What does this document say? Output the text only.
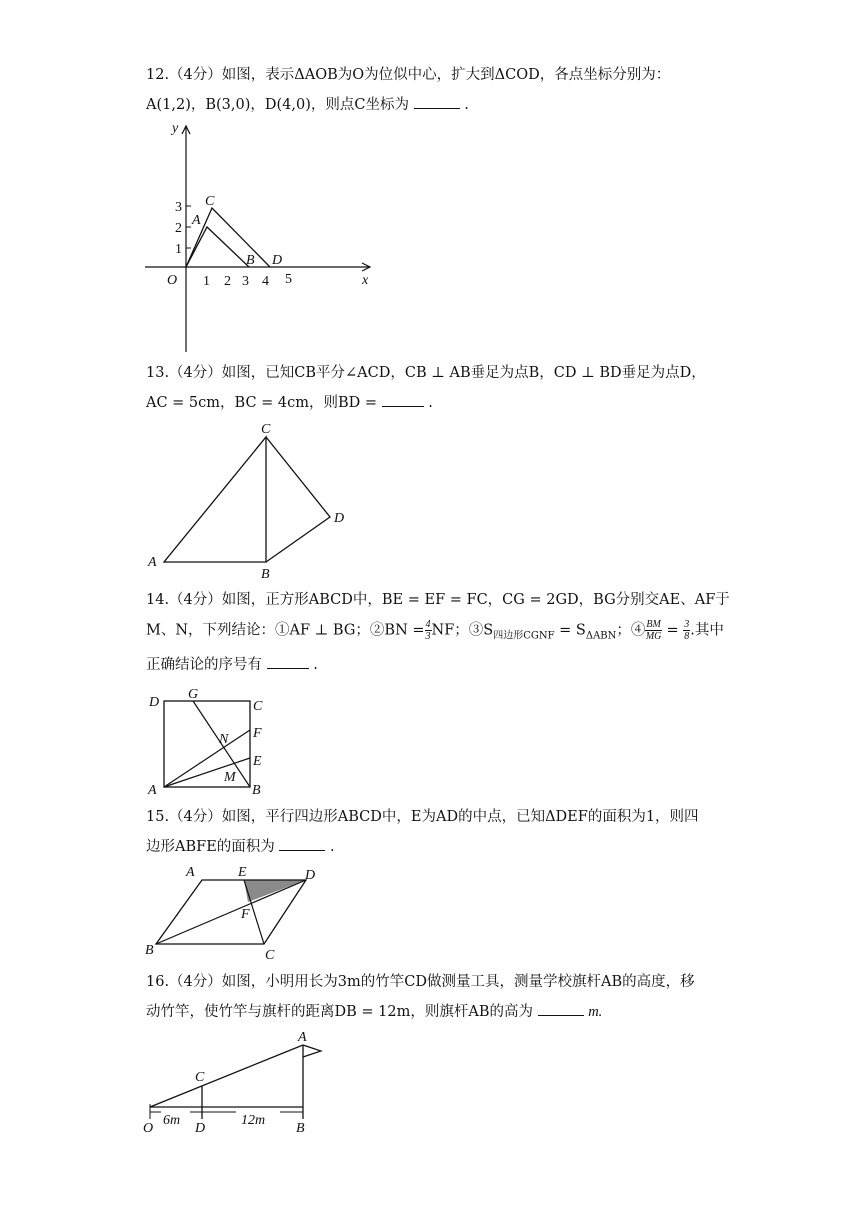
12.（4分）如图，表示ΔAOB为O为位似中心，扩大到ΔCOD，各点坐标分别为：
A(1,2)，B(3,0)，D(4,0)，则点C坐标为	.
x
y
O 1 2 3 4 5
1
2
3
A
C
B D
13.（4分）如图，已知CB平分∠ACD，CB ⊥ AB垂足为点B，CD ⊥ BD垂足为点D，
AC = 5cm，BC = 4cm，则BD =	.
C
A
B
D
14.（4分）如图，正方形ABCD中，BE = EF = FC，CG = 2GD，BG分别交AE、AF于
M、N，下列结论：①AF ⊥ BG；②BN = $\frac{4}{3}$ NF；$③S_{四边形CGNF} = S_{\Delta ABN}$；④ $\frac{BM}{MG} = \frac{3}{8}$ .其中
正确结论的序号有	.
D
G
C
F
N
E
M
A	B
15.（4分）如图，平行四边形ABCD中，E为AD的中点，已知ΔDEF的面积为1，则四
边形ABFE的面积为	.
A	E	D
F
B	C
16.（4分）如图，小明用长为3m的竹竿CD做测量工具，测量学校旗杆AB的高度，移
动竹竿，使竹竿与旗杆的距离DB = 12m，则旗杆AB的高为	m.
A
C
6m	12m
O	D	B
